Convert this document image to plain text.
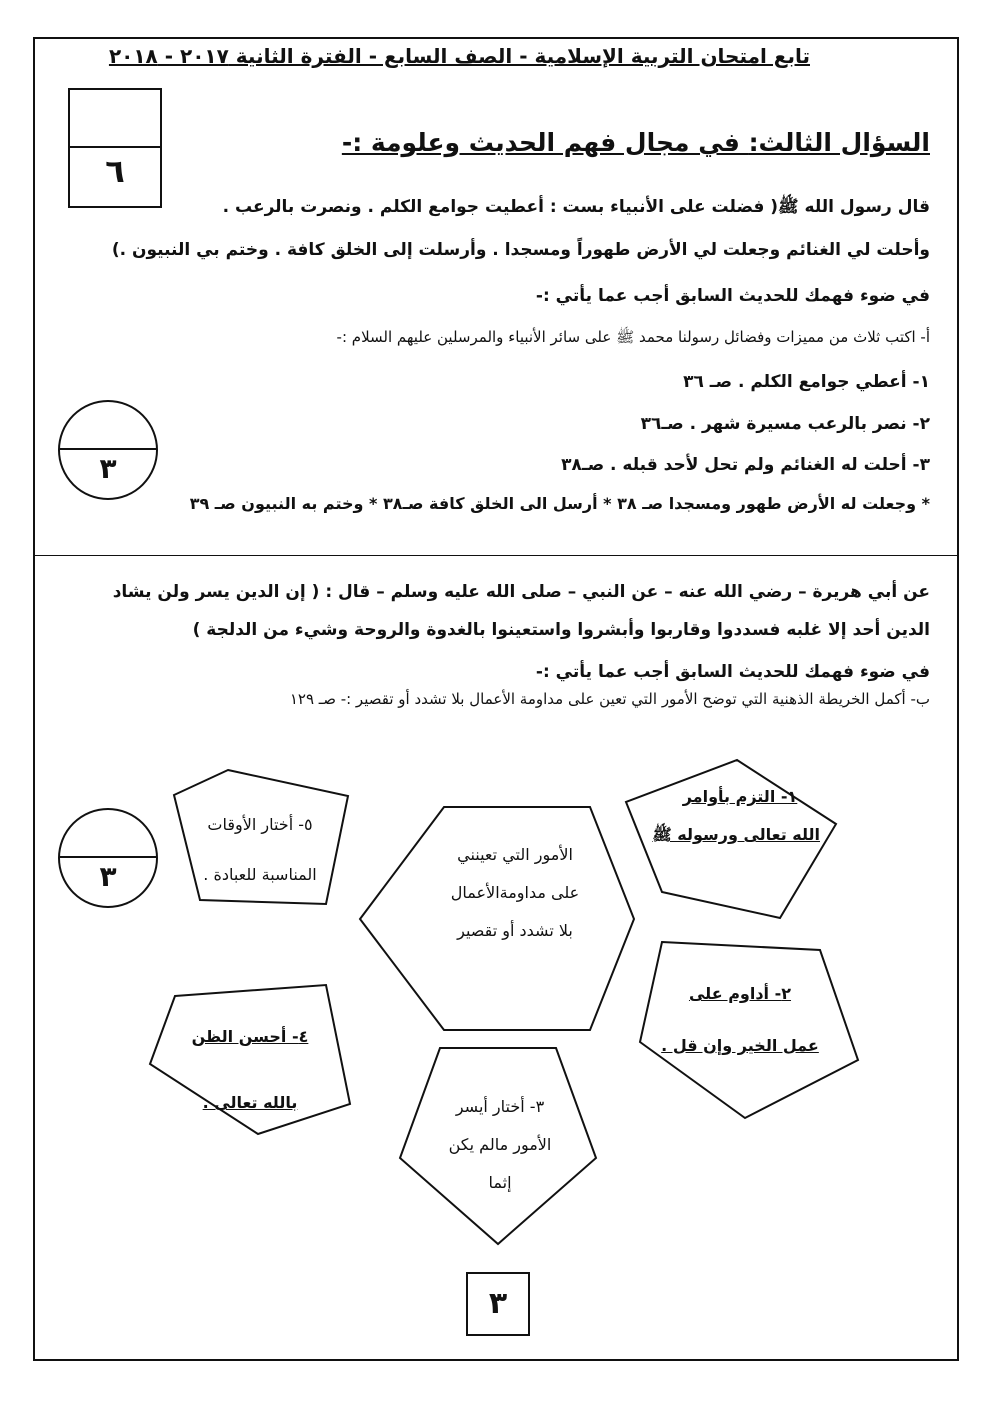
تابع امتحان التربية الإسلامية - الصف السابع - الفترة الثانية ٢٠١٧ - ٢٠١٨
٦
السؤال الثالث: في مجال فهم الحديث وعلومة :-
قال رسول الله ﷺ( فضلت على الأنبياء بست : أعطيت جوامع الكلم . ونصرت بالرعب .
وأحلت لي الغنائم وجعلت لي الأرض طهوراً ومسجدا . وأرسلت إلى الخلق كافة . وختم بي النبيون .)
في ضوء فهمك للحديث السابق أجب عما يأتي :-
أ- اكتب ثلاث من مميزات وفضائل رسولنا محمد ﷺ على سائر الأنبياء والمرسلين عليهم السلام :-
١- أعطي جوامع الكلم . صـ ٣٦
٢- نصر بالرعب مسيرة شهر . صـ٣٦
٣- أحلت له الغنائم ولم تحل لأحد قبله . صـ٣٨
* وجعلت له الأرض طهور ومسجدا صـ ٣٨ * أرسل الى الخلق كافة صـ٣٨ * وختم به النبيون صـ ٣٩
٣
عن أبي هريرة – رضي الله عنه – عن النبي – صلى الله عليه وسلم – قال : ( إن الدين يسر ولن يشاد
الدين أحد إلا غلبه فسددوا وقاربوا وأبشروا واستعينوا بالغدوة والروحة وشيء من الدلجة )
في ضوء فهمك للحديث السابق أجب عما يأتي :-
ب- أكمل الخريطة الذهنية التي توضح الأمور التي تعين على مداومة الأعمال بلا تشدد أو تقصير :- صـ ١٢٩
٣
الأمور التي تعينني
على مداومةالأعمال
بلا تشدد أو تقصير
١- التزم بأوامر
الله تعالى ورسوله ﷺ
٢- أداوم على
عمل الخير وإن قل .
٣- أختار أيسر
الأمور مالم يكن
إثما
٤- أحسن الظن
بالله تعالى .
٥- أختار الأوقات
المناسبة للعبادة .
٣
